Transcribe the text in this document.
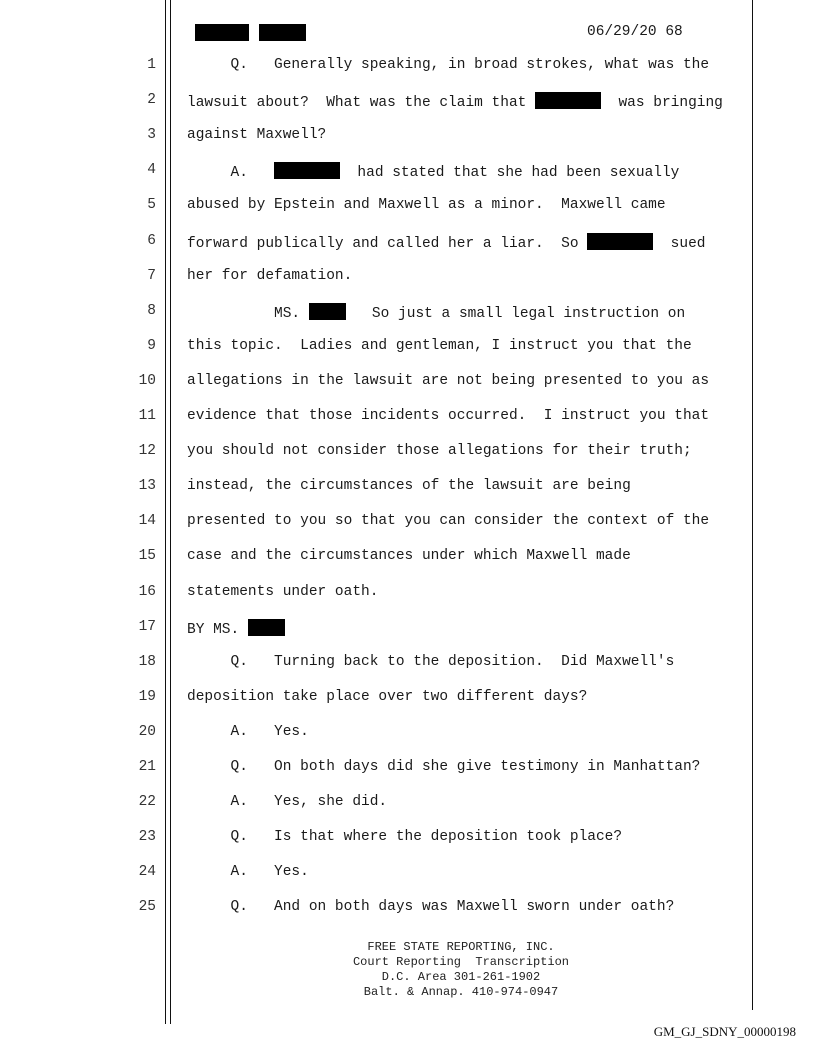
06/29/20 68
1 Q.   Generally speaking, in broad strokes, what was the
2 lawsuit about?  What was the claim that	was bringing
3 against Maxwell?
4 A.	had stated that she had been sexually
5 abused by Epstein and Maxwell as a minor.  Maxwell came
6 forward publically and called her a liar.  So	sued
7 her for defamation.
8 MS.	So just a small legal instruction on
9 this topic.  Ladies and gentleman, I instruct you that the
10 allegations in the lawsuit are not being presented to you as
11 evidence that those incidents occurred.  I instruct you that
12 you should not consider those allegations for their truth;
13 instead, the circumstances of the lawsuit are being
14 presented to you so that you can consider the context of the
15 case and the circumstances under which Maxwell made
16 statements under oath.
17 BY MS.
18 Q.   Turning back to the deposition.  Did Maxwell's
19 deposition take place over two different days?
20 A.   Yes.
21 Q.   On both days did she give testimony in Manhattan?
22 A.   Yes, she did.
23 Q.   Is that where the deposition took place?
24 A.   Yes.
25 Q.   And on both days was Maxwell sworn under oath?
FREE STATE REPORTING, INC.
Court Reporting  Transcription
D.C. Area 301-261-1902
Balt. & Annap. 410-974-0947
GM_GJ_SDNY_00000198
